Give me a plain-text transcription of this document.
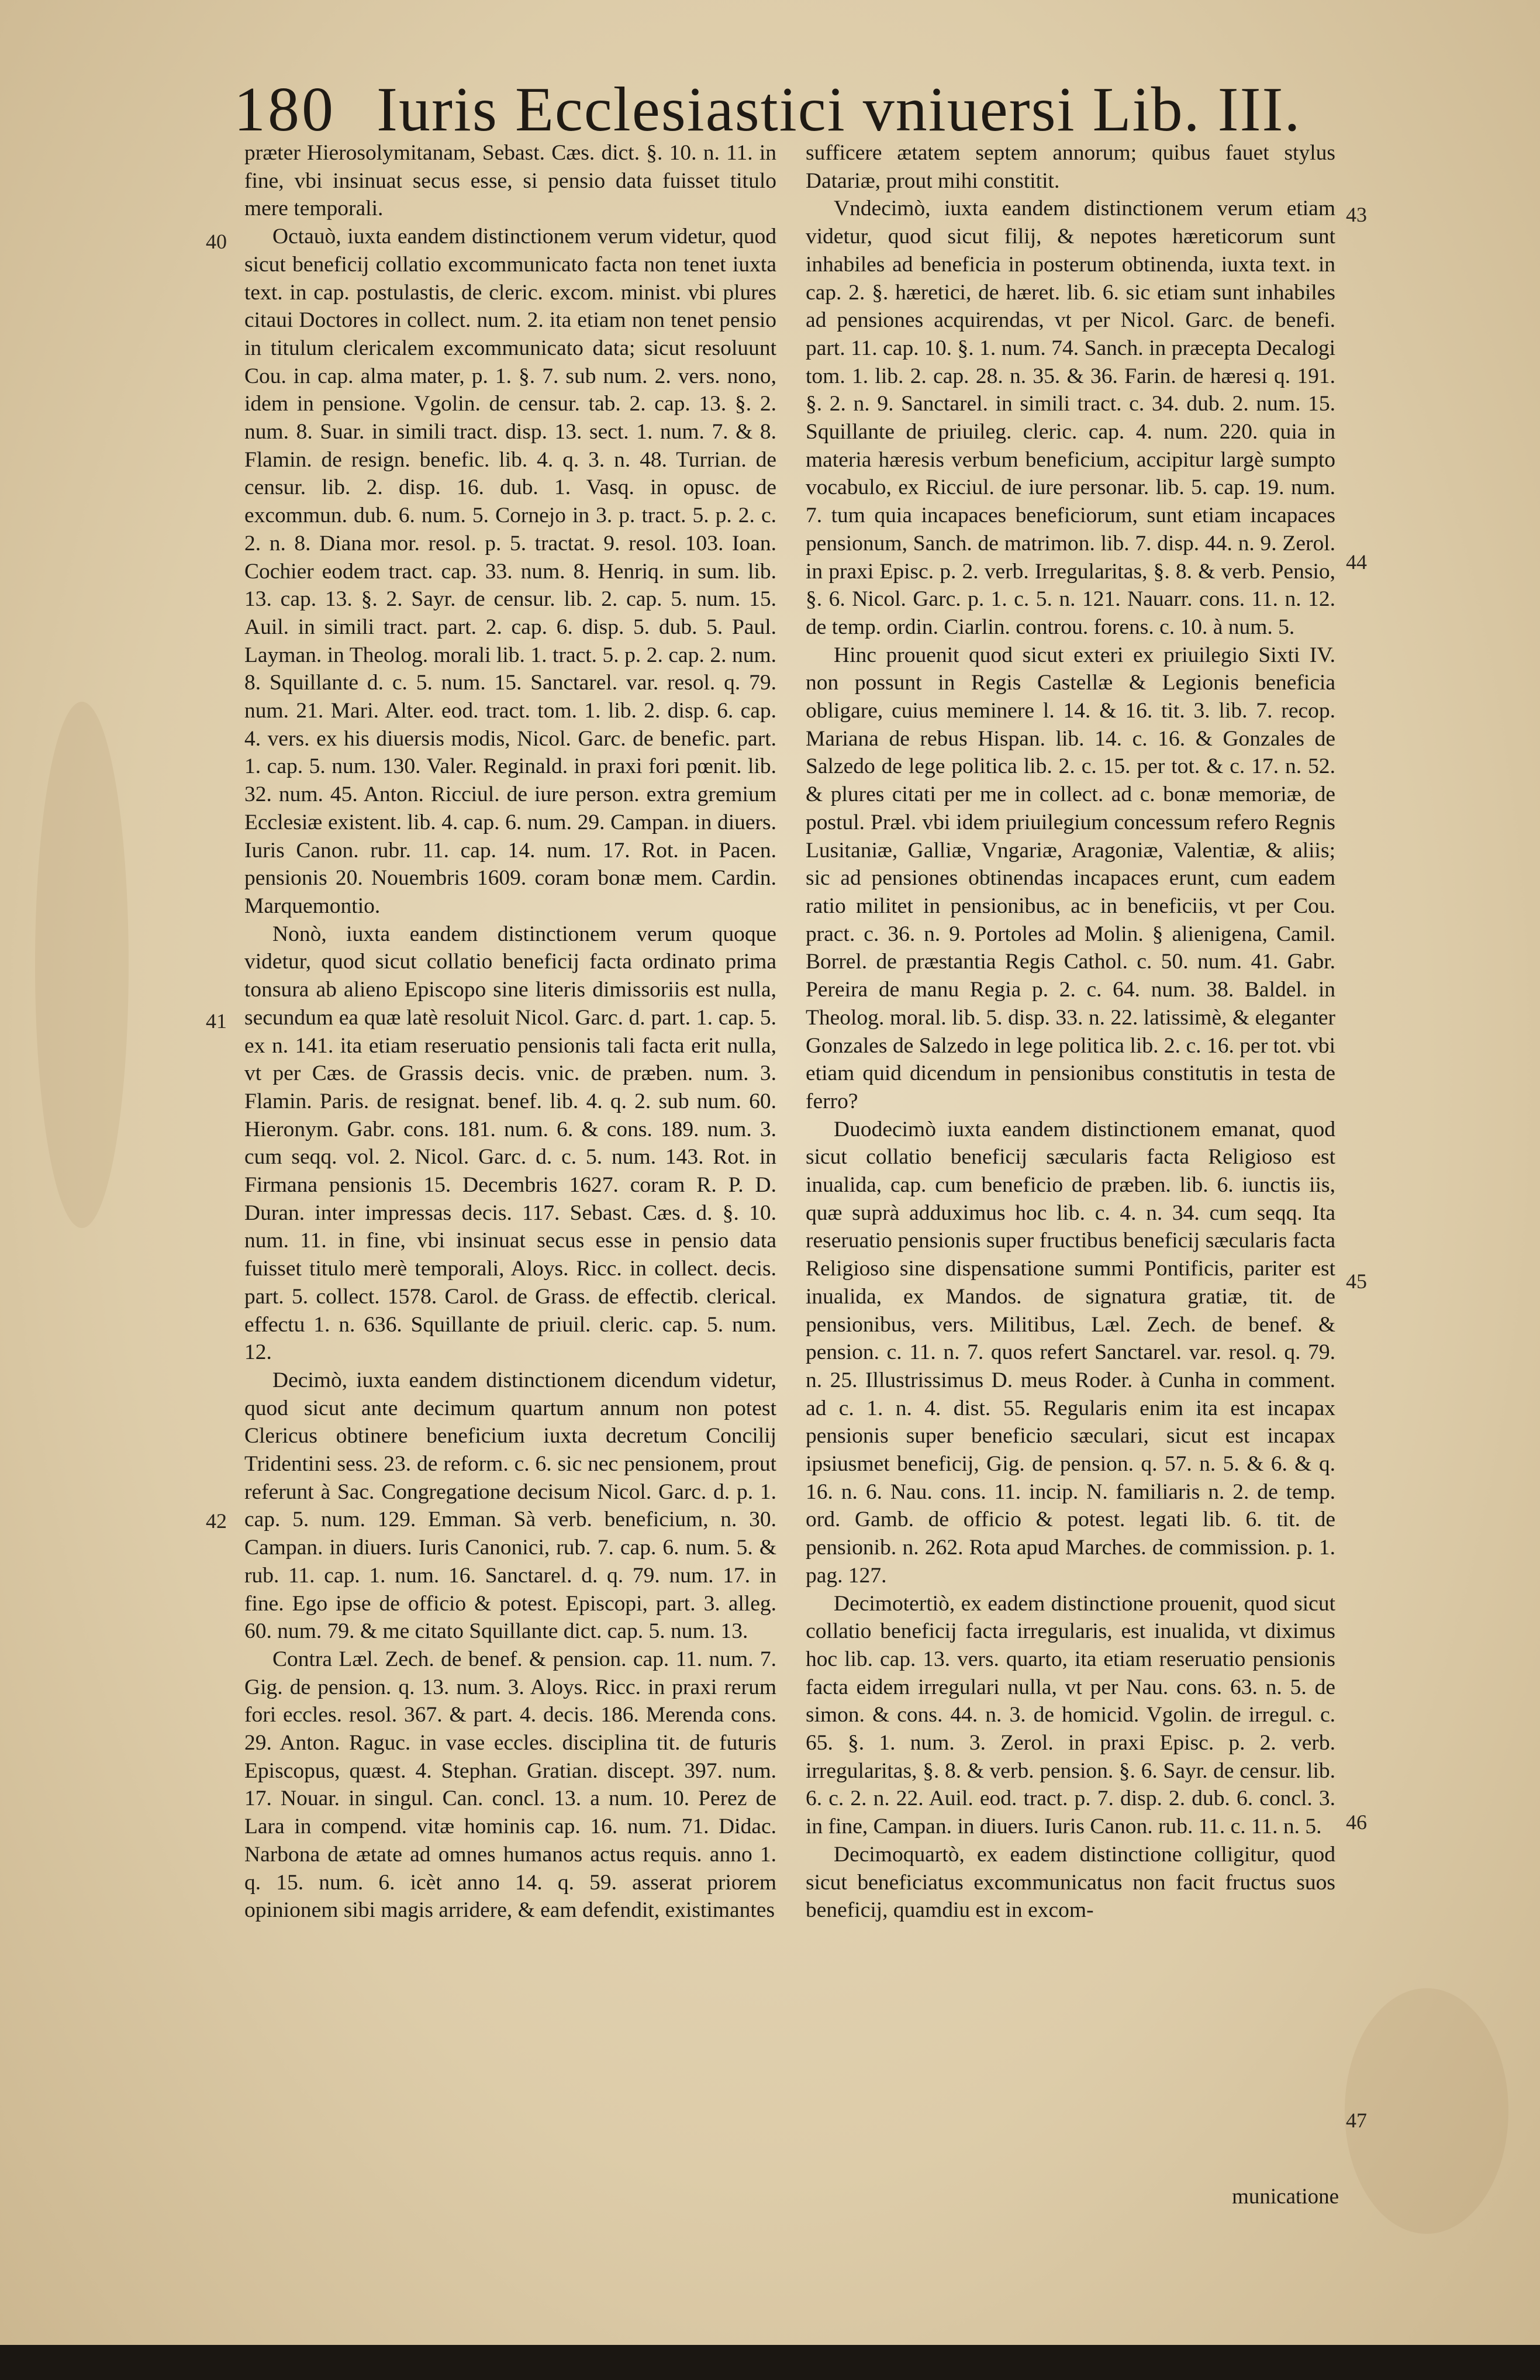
180 Iuris Ecclesiastici vniuersi Lib. III.
40
41
42
43
44
45
46
47

præter Hierosolymitanam, Sebast. Cæs. dict. §. 10. n. 11. in fine, vbi insinuat secus esse, si pensio data fuisset titulo mere temporali.

Octauò, iuxta eandem distinctionem verum videtur, quod sicut beneficij collatio excommunicato facta non tenet iuxta text. in cap. postulastis, de cleric. excom. minist. vbi plures citaui Doctores in collect. num. 2. ita etiam non tenet pensio in titulum clericalem excommunicato data; sicut resoluunt Cou. in cap. alma mater, p. 1. §. 7. sub num. 2. vers. nono, idem in pensione. Vgolin. de censur. tab. 2. cap. 13. §. 2. num. 8. Suar. in simili tract. disp. 13. sect. 1. num. 7. & 8. Flamin. de resign. benefic. lib. 4. q. 3. n. 48. Turrian. de censur. lib. 2. disp. 16. dub. 1. Vasq. in opusc. de excommun. dub. 6. num. 5. Cornejo in 3. p. tract. 5. p. 2. c. 2. n. 8. Diana mor. resol. p. 5. tractat. 9. resol. 103. Ioan. Cochier eodem tract. cap. 33. num. 8. Henriq. in sum. lib. 13. cap. 13. §. 2. Sayr. de censur. lib. 2. cap. 5. num. 15. Auil. in simili tract. part. 2. cap. 6. disp. 5. dub. 5. Paul. Layman. in Theolog. morali lib. 1. tract. 5. p. 2. cap. 2. num. 8. Squillante d. c. 5. num. 15. Sanctarel. var. resol. q. 79. num. 21. Mari. Alter. eod. tract. tom. 1. lib. 2. disp. 6. cap. 4. vers. ex his diuersis modis, Nicol. Garc. de benefic. part. 1. cap. 5. num. 130. Valer. Reginald. in praxi fori pœnit. lib. 32. num. 45. Anton. Ricciul. de iure person. extra gremium Ecclesiæ existent. lib. 4. cap. 6. num. 29. Campan. in diuers. Iuris Canon. rubr. 11. cap. 14. num. 17. Rot. in Pacen. pensionis 20. Nouembris 1609. coram bonæ mem. Cardin. Marquemontio.

Nonò, iuxta eandem distinctionem verum quoque videtur, quod sicut collatio beneficij facta ordinato prima tonsura ab alieno Episcopo sine literis dimissoriis est nulla, secundum ea quæ latè resoluit Nicol. Garc. d. part. 1. cap. 5. ex n. 141. ita etiam reseruatio pensionis tali facta erit nulla, vt per Cæs. de Grassis decis. vnic. de præben. num. 3. Flamin. Paris. de resignat. benef. lib. 4. q. 2. sub num. 60. Hieronym. Gabr. cons. 181. num. 6. & cons. 189. num. 3. cum seqq. vol. 2. Nicol. Garc. d. c. 5. num. 143. Rot. in Firmana pensionis 15. Decembris 1627. coram R. P. D. Duran. inter impressas decis. 117. Sebast. Cæs. d. §. 10. num. 11. in fine, vbi insinuat secus esse in pensio data fuisset titulo merè temporali, Aloys. Ricc. in collect. decis. part. 5. collect. 1578. Carol. de Grass. de effectib. clerical. effectu 1. n. 636. Squillante de priuil. cleric. cap. 5. num. 12.

Decimò, iuxta eandem distinctionem dicendum videtur, quod sicut ante decimum quartum annum non potest Clericus obtinere beneficium iuxta decretum Concilij Tridentini sess. 23. de reform. c. 6. sic nec pensionem, prout referunt à Sac. Congregatione decisum Nicol. Garc. d. p. 1. cap. 5. num. 129. Emman. Sà verb. beneficium, n. 30. Campan. in diuers. Iuris Canonici, rub. 7. cap. 6. num. 5. & rub. 11. cap. 1. num. 16. Sanctarel. d. q. 79. num. 17. in fine. Ego ipse de officio & potest. Episcopi, part. 3. alleg. 60. num. 79. & me citato Squillante dict. cap. 5. num. 13.

Contra Læl. Zech. de benef. & pension. cap. 11. num. 7. Gig. de pension. q. 13. num. 3. Aloys. Ricc. in praxi rerum fori eccles. resol. 367. & part. 4. decis. 186. Merenda cons. 29. Anton. Raguc. in vase eccles. disciplina tit. de futuris Episcopus, quæst. 4. Stephan. Gratian. discept. 397. num. 17. Nouar. in singul. Can. concl. 13. a num. 10. Perez de Lara in compend. vitæ hominis cap. 16. num. 71. Didac. Narbona de ætate ad omnes humanos actus requis. anno 1. q. 15. num. 6. icèt anno 14. q. 59. asserat priorem opinionem sibi magis arridere, & eam defendit, existimantes

sufficere ætatem septem annorum; quibus fauet stylus Datariæ, prout mihi constitit.

Vndecimò, iuxta eandem distinctionem verum etiam videtur, quod sicut filij, & nepotes hæreticorum sunt inhabiles ad beneficia in posterum obtinenda, iuxta text. in cap. 2. §. hæretici, de hæret. lib. 6. sic etiam sunt inhabiles ad pensiones acquirendas, vt per Nicol. Garc. de benefi. part. 11. cap. 10. §. 1. num. 74. Sanch. in præcepta Decalogi tom. 1. lib. 2. cap. 28. n. 35. & 36. Farin. de hæresi q. 191. §. 2. n. 9. Sanctarel. in simili tract. c. 34. dub. 2. num. 15. Squillante de priuileg. cleric. cap. 4. num. 220. quia in materia hæresis verbum beneficium, accipitur largè sumpto vocabulo, ex Ricciul. de iure personar. lib. 5. cap. 19. num. 7. tum quia incapaces beneficiorum, sunt etiam incapaces pensionum, Sanch. de matrimon. lib. 7. disp. 44. n. 9. Zerol. in praxi Episc. p. 2. verb. Irregularitas, §. 8. & verb. Pensio, §. 6. Nicol. Garc. p. 1. c. 5. n. 121. Nauarr. cons. 11. n. 12. de temp. ordin. Ciarlin. controu. forens. c. 10. à num. 5.

Hinc prouenit quod sicut exteri ex priuilegio Sixti IV. non possunt in Regis Castellæ & Legionis beneficia obligare, cuius meminere l. 14. & 16. tit. 3. lib. 7. recop. Mariana de rebus Hispan. lib. 14. c. 16. & Gonzales de Salzedo de lege politica lib. 2. c. 15. per tot. & c. 17. n. 52. & plures citati per me in collect. ad c. bonæ memoriæ, de postul. Præl. vbi idem priuilegium concessum refero Regnis Lusitaniæ, Galliæ, Vngariæ, Aragoniæ, Valentiæ, & aliis; sic ad pensiones obtinendas incapaces erunt, cum eadem ratio militet in pensionibus, ac in beneficiis, vt per Cou. pract. c. 36. n. 9. Portoles ad Molin. § alienigena, Camil. Borrel. de præstantia Regis Cathol. c. 50. num. 41. Gabr. Pereira de manu Regia p. 2. c. 64. num. 38. Baldel. in Theolog. moral. lib. 5. disp. 33. n. 22. latissimè, & eleganter Gonzales de Salzedo in lege politica lib. 2. c. 16. per tot. vbi etiam quid dicendum in pensionibus constitutis in testa de ferro?

Duodecimò iuxta eandem distinctionem emanat, quod sicut collatio beneficij sæcularis facta Religioso est inualida, cap. cum beneficio de præben. lib. 6. iunctis iis, quæ suprà adduximus hoc lib. c. 4. n. 34. cum seqq. Ita reseruatio pensionis super fructibus beneficij sæcularis facta Religioso sine dispensatione summi Pontificis, pariter est inualida, ex Mandos. de signatura gratiæ, tit. de pensionibus, vers. Militibus, Læl. Zech. de benef. & pension. c. 11. n. 7. quos refert Sanctarel. var. resol. q. 79. n. 25. Illustrissimus D. meus Roder. à Cunha in comment. ad c. 1. n. 4. dist. 55. Regularis enim ita est incapax pensionis super beneficio sæculari, sicut est incapax ipsiusmet beneficij, Gig. de pension. q. 57. n. 5. & 6. & q. 16. n. 6. Nau. cons. 11. incip. N. familiaris n. 2. de temp. ord. Gamb. de officio & potest. legati lib. 6. tit. de pensionib. n. 262. Rota apud Marches. de commission. p. 1. pag. 127.

Decimotertiò, ex eadem distinctione prouenit, quod sicut collatio beneficij facta irregularis, est inualida, vt diximus hoc lib. cap. 13. vers. quarto, ita etiam reseruatio pensionis facta eidem irregulari nulla, vt per Nau. cons. 63. n. 5. de simon. & cons. 44. n. 3. de homicid. Vgolin. de irregul. c. 65. §. 1. num. 3. Zerol. in praxi Episc. p. 2. verb. irregularitas, §. 8. & verb. pension. §. 6. Sayr. de censur. lib. 6. c. 2. n. 22. Auil. eod. tract. p. 7. disp. 2. dub. 6. concl. 3. in fine, Campan. in diuers. Iuris Canon. rub. 11. c. 11. n. 5.

Decimoquartò, ex eadem distinctione colligitur, quod sicut beneficiatus excommunicatus non facit fructus suos beneficij, quamdiu est in excom-

municatione
